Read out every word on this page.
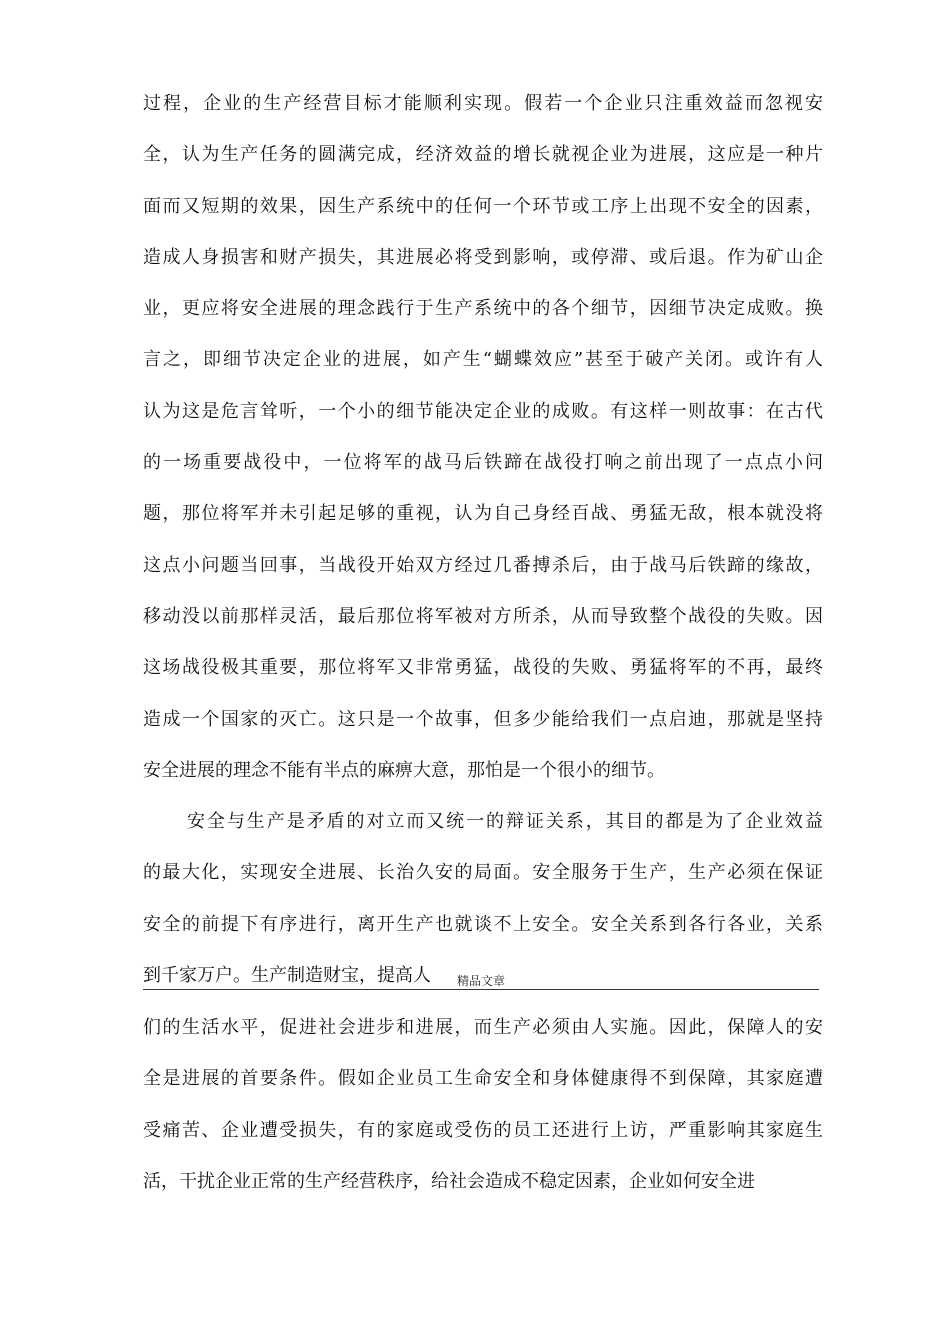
过程，企业的生产经营目标才能顺利实现。假若一个企业只注重效益而忽视安
全，认为生产任务的圆满完成，经济效益的增长就视企业为进展，这应是一种片
面而又短期的效果，因生产系统中的任何一个环节或工序上出现不安全的因素，
造成人身损害和财产损失，其进展必将受到影响，或停滞、或后退。作为矿山企
业，更应将安全进展的理念践行于生产系统中的各个细节，因细节决定成败。换
言之，即细节决定企业的进展，如产生“蝴蝶效应”甚至于破产关闭。或许有人
认为这是危言耸听，一个小的细节能决定企业的成败。有这样一则故事：在古代
的一场重要战役中，一位将军的战马后铁蹄在战役打响之前出现了一点点小问
题，那位将军并未引起足够的重视，认为自己身经百战、勇猛无敌，根本就没将
这点小问题当回事，当战役开始双方经过几番搏杀后，由于战马后铁蹄的缘故，
移动没以前那样灵活，最后那位将军被对方所杀，从而导致整个战役的失败。因
这场战役极其重要，那位将军又非常勇猛，战役的失败、勇猛将军的不再，最终
造成一个国家的灭亡。这只是一个故事，但多少能给我们一点启迪，那就是坚持
安全进展的理念不能有半点的麻痹大意，那怕是一个很小的细节。
安全与生产是矛盾的对立而又统一的辩证关系，其目的都是为了企业效益
的最大化，实现安全进展、长治久安的局面。安全服务于生产，生产必须在保证
安全的前提下有序进行，离开生产也就谈不上安全。安全关系到各行各业，关系
到千家万户。生产制造财宝，提高人	精品文章
们的生活水平，促进社会进步和进展，而生产必须由人实施。因此，保障人的安
全是进展的首要条件。假如企业员工生命安全和身体健康得不到保障，其家庭遭
受痛苦、企业遭受损失，有的家庭或受伤的员工还进行上访，严重影响其家庭生
活，干扰企业正常的生产经营秩序，给社会造成不稳定因素，企业如何安全进
